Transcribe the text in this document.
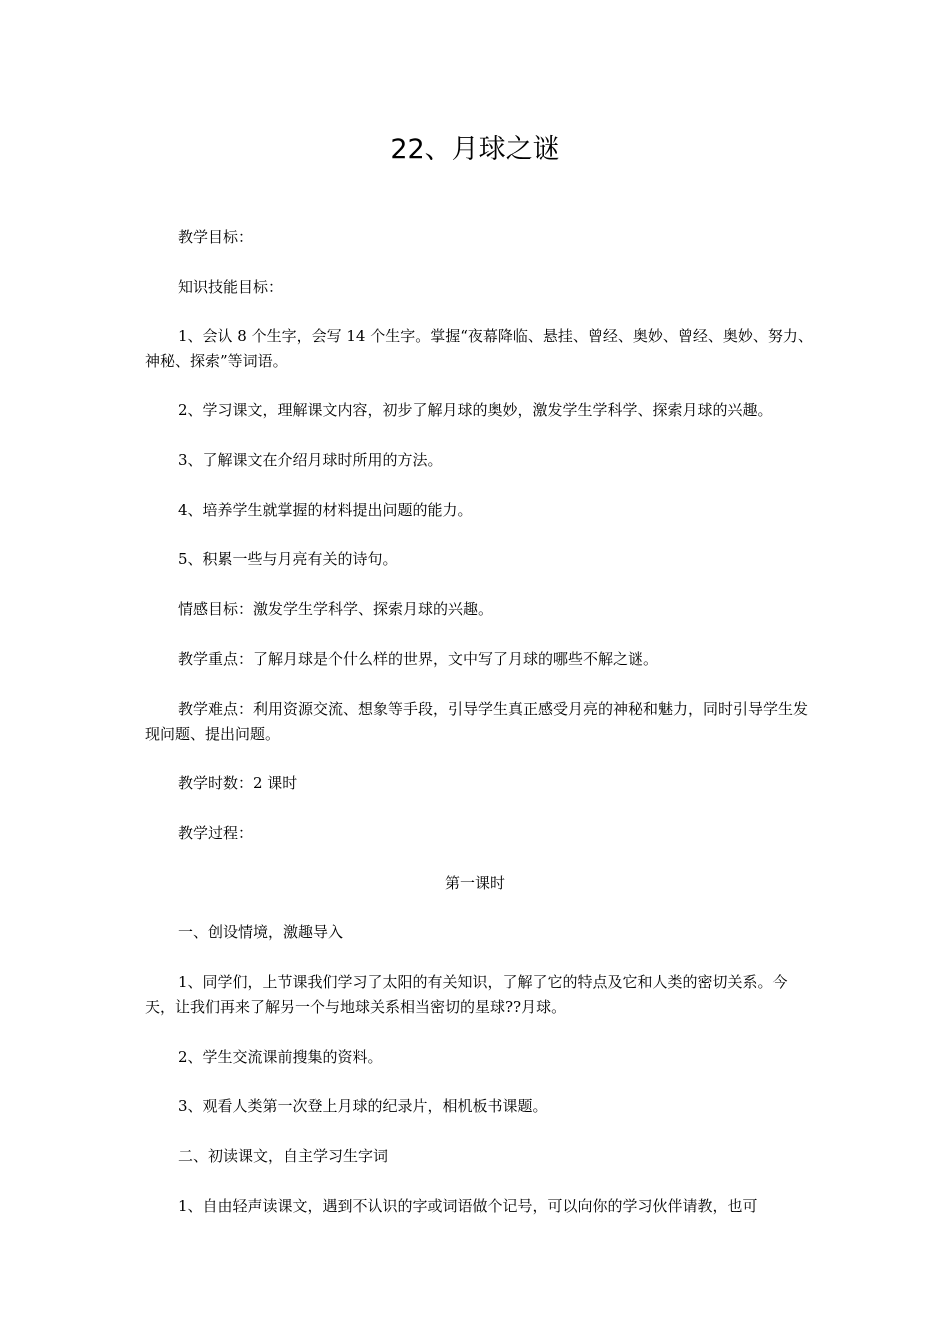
22、月球之谜

教学目标：

知识技能目标：

1、会认 8 个生字，会写 14 个生字。掌握“夜幕降临、悬挂、曾经、奥妙、曾经、奥妙、努力、神秘、探索”等词语。

2、学习课文，理解课文内容，初步了解月球的奥妙，激发学生学科学、探索月球的兴趣。

3、了解课文在介绍月球时所用的方法。

4、培养学生就掌握的材料提出问题的能力。

5、积累一些与月亮有关的诗句。

情感目标：激发学生学科学、探索月球的兴趣。

教学重点：了解月球是个什么样的世界，文中写了月球的哪些不解之谜。

教学难点：利用资源交流、想象等手段，引导学生真正感受月亮的神秘和魅力，同时引导学生发现问题、提出问题。

教学时数：2 课时

教学过程：

第一课时

一、创设情境，激趣导入

1、同学们，上节课我们学习了太阳的有关知识，了解了它的特点及它和人类的密切关系。今天，让我们再来了解另一个与地球关系相当密切的星球??月球。

2、学生交流课前搜集的资料。

3、观看人类第一次登上月球的纪录片，相机板书课题。

二、初读课文，自主学习生字词

1、自由轻声读课文，遇到不认识的字或词语做个记号，可以向你的学习伙伴请教，也可
